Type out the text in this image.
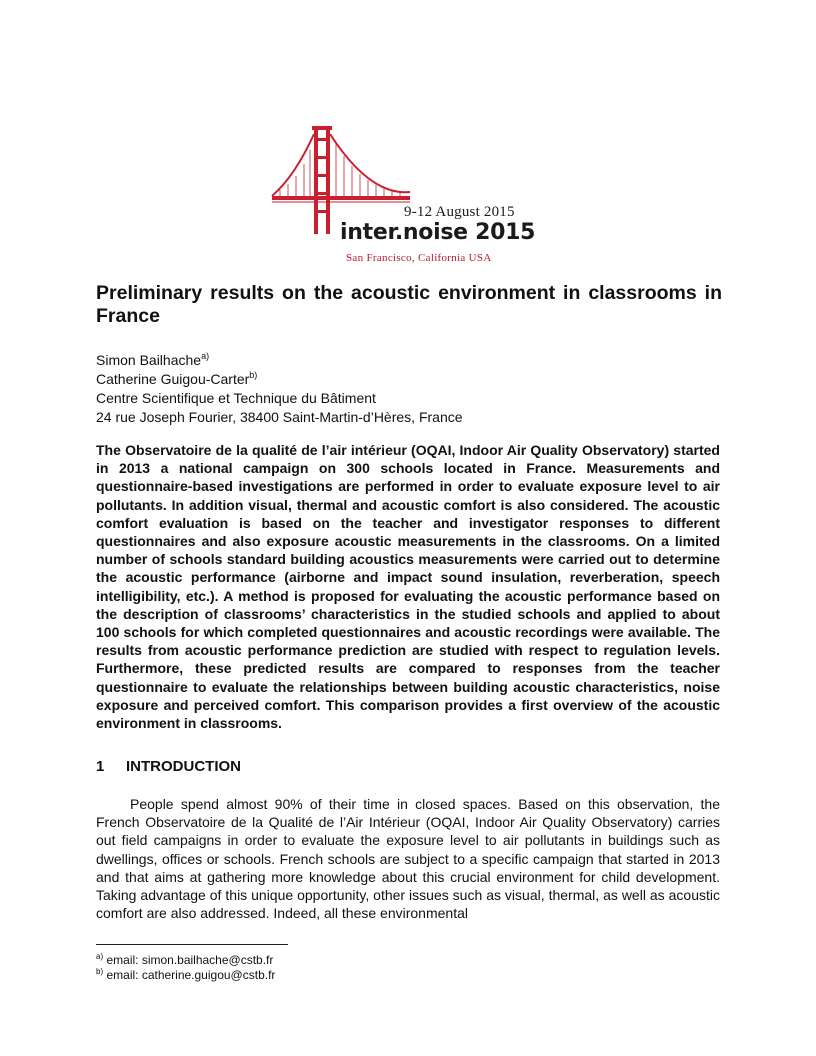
9-12 August 2015
inter.noise 2015
San Francisco, California USA
Preliminary results on the acoustic environment in classrooms in France
Simon Bailhache$^{a)}$
Catherine Guigou-Carter$^{b)}$
Centre Scientifique et Technique du Bâtiment
24 rue Joseph Fourier, 38400 Saint-Martin-d’Hères, France

The Observatoire de la qualité de l’air intérieur (OQAI, Indoor Air Quality Observatory) started in 2013 a national campaign on 300 schools located in France. Measurements and questionnaire-based investigations are performed in order to evaluate exposure level to air pollutants. In addition visual, thermal and acoustic comfort is also considered. The acoustic comfort evaluation is based on the teacher and investigator responses to different questionnaires and also exposure acoustic measurements in the classrooms. On a limited number of schools standard building acoustics measurements were carried out to determine the acoustic performance (airborne and impact sound insulation, reverberation, speech intelligibility, etc.). A method is proposed for evaluating the acoustic performance based on the description of classrooms’ characteristics in the studied schools and applied to about 100 schools for which completed questionnaires and acoustic recordings were available. The results from acoustic performance prediction are studied with respect to regulation levels. Furthermore, these predicted results are compared to responses from the teacher questionnaire to evaluate the relationships between building acoustic characteristics, noise exposure and perceived comfort. This comparison provides a first overview of the acoustic environment in classrooms.

1 INTRODUCTION

People spend almost 90% of their time in closed spaces. Based on this observation, the French Observatoire de la Qualité de l’Air Intérieur (OQAI, Indoor Air Quality Observatory) carries out field campaigns in order to evaluate the exposure level to air pollutants in buildings such as dwellings, offices or schools. French schools are subject to a specific campaign that started in 2013 and that aims at gathering more knowledge about this crucial environment for child development. Taking advantage of this unique opportunity, other issues such as visual, thermal, as well as acoustic comfort are also addressed. Indeed, all these environmental

$^{a)}$ email: simon.bailhache@cstb.fr
$^{b)}$ email: catherine.guigou@cstb.fr
